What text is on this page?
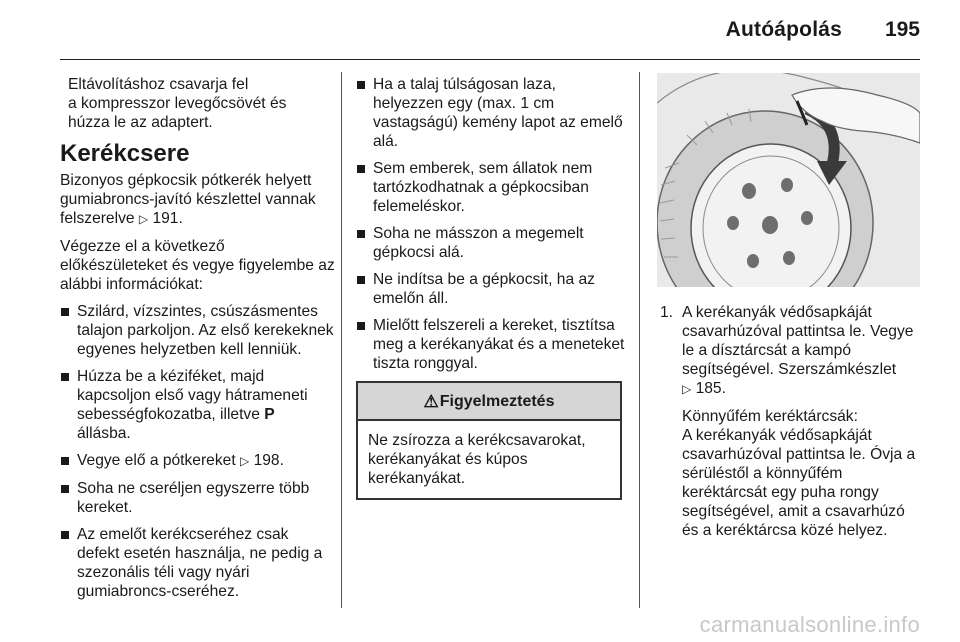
Autóápolás 195

Eltávolításhoz csavarja fel
a kompresszor levegőcsövét és
húzza le az adaptert.

Kerékcsere

Bizonyos gépkocsik pótkerék helyett gumiabroncs-javító készlettel vannak felszerelve ▷ 191.

Végezze el a következő előkészületeket és vegye figyelembe az alábbi információkat:

Szilárd, vízszintes, csúszásmentes talajon parkoljon. Az első kerekeknek egyenes helyzetben kell lenniük.
Húzza be a kéziféket, majd kapcsoljon első vagy hátrameneti sebességfokozatba, illetve P
állásba.
Vegye elő a pótkereket ▷ 198.
Soha ne cseréljen egyszerre több kereket.
Az emelőt kerékcseréhez csak defekt esetén használja, ne pedig a szezonális téli vagy nyári gumiabroncs-cseréhez.
Ha a talaj túlságosan laza, helyezzen egy (max. 1 cm vastagságú) kemény lapot az emelő alá.
Sem emberek, sem állatok nem tartózkodhatnak a gépkocsiban felemeléskor.
Soha ne másszon a megemelt gépkocsi alá.
Ne indítsa be a gépkocsit, ha az emelőn áll.
Mielőtt felszereli a kereket, tisztítsa meg a kerékanyákat és a meneteket tiszta ronggyal.
⚠ Figyelmeztetés
Ne zsírozza a kerékcsavarokat, kerékanyákat és kúpos kerékanyákat.
1. A kerékanyák védősapkáját csavarhúzóval pattintsa le. Vegye le a dísztárcsát a kampó segítségével. Szerszámkészlet
▷ 185.
Könnyűfém keréktárcsák:
A kerékanyák védősapkáját csavarhúzóval pattintsa le. Óvja a sérüléstől a könnyűfém keréktárcsát egy puha rongy segítségével, amit a csavarhúzó és a keréktárcsa közé helyez.
carmanualsonline.info
